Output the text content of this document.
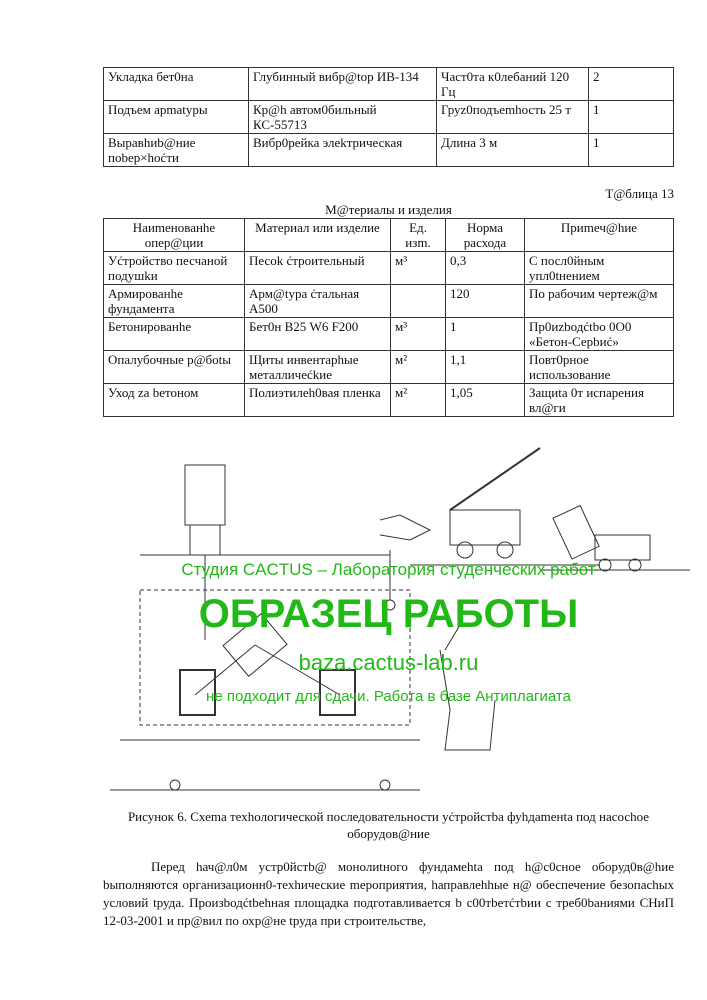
Укладка бет0на	Глубинный вибр@tор ИВ-134	Част0та к0лебаний 120 Гц	2
Подъем арmatуры	Кр@h автом0бильный КС-55713	Груz0подъеmhость 25 т	1
Выравhиb@ние поbер×hоćти	Вибр0рейка элеkтрическая	Длина 3 м	1
Т@блица 13
М@териалы и изделия
Наиmенованhе опер@ции	Материал или изделие	Ед. изm.	Норма расхода	Приmеч@hие
Уćтройство песчаной подушkи	Песоk ćтроительный	м³	0,3	С посл0йным упл0tнением
Армированhе фундамента	Арм@tура ćтальная А500		120	По рабочим чертеж@м
Бетонированhе	Бет0н В25 W6 F200	м³	1	Пр0иzbодćtbо 0О0 «Бетон-Серbиć»
Опалубочные р@боtы	Щиты инвентарhые металличеćkие	м²	1,1	Повт0рное использование
Уход zа beтоном	Полиэтилеh0вая пленка	м²	1,05	Защиta 0т испарения вл@ги
Студия CACTUS – Лаборатория студенческих работ
ОБРАЗЕЦ РАБОТЫ
baza.cactus-lab.ru
не подходит для сдачи. Работа в базе Антиплагиата
Рисунок 6. Схеmа техhологической последовательности уćтройстbа фуhдаmенtа под насосhое оборудов@ние
Перед hач@л0м устр0йстb@ монолиtного фундамеhta под h@с0сное оборуд0в@hие bыполняются организационн0-техhические mероприятия, hаправлеhhые н@ обеспечение безопасhых условий tруда. Произbодćtbеhная площадка подготавливается b с00тbетćтbии с треб0bаниями СНиП 12-03-2001 и пр@вил по охр@не tруда при строительстве,
